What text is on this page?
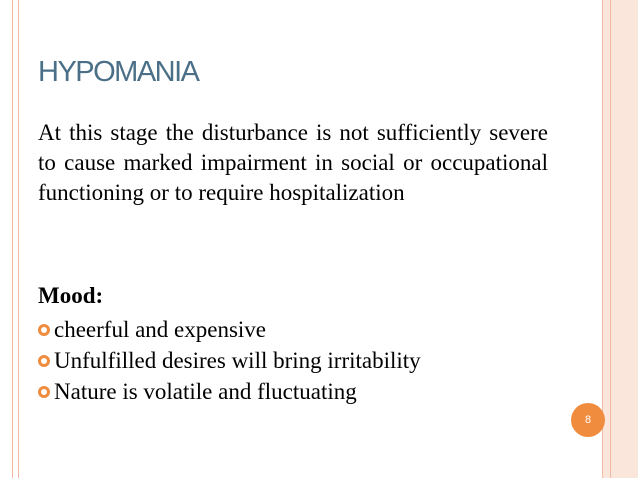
HYPOMANIA

At this stage the disturbance is not sufficiently severe to cause marked impairment in social or occupational functioning or to require hospitalization

Mood:

cheerful and expensive
Unfulfilled desires will bring irritability
Nature is volatile and fluctuating
8
